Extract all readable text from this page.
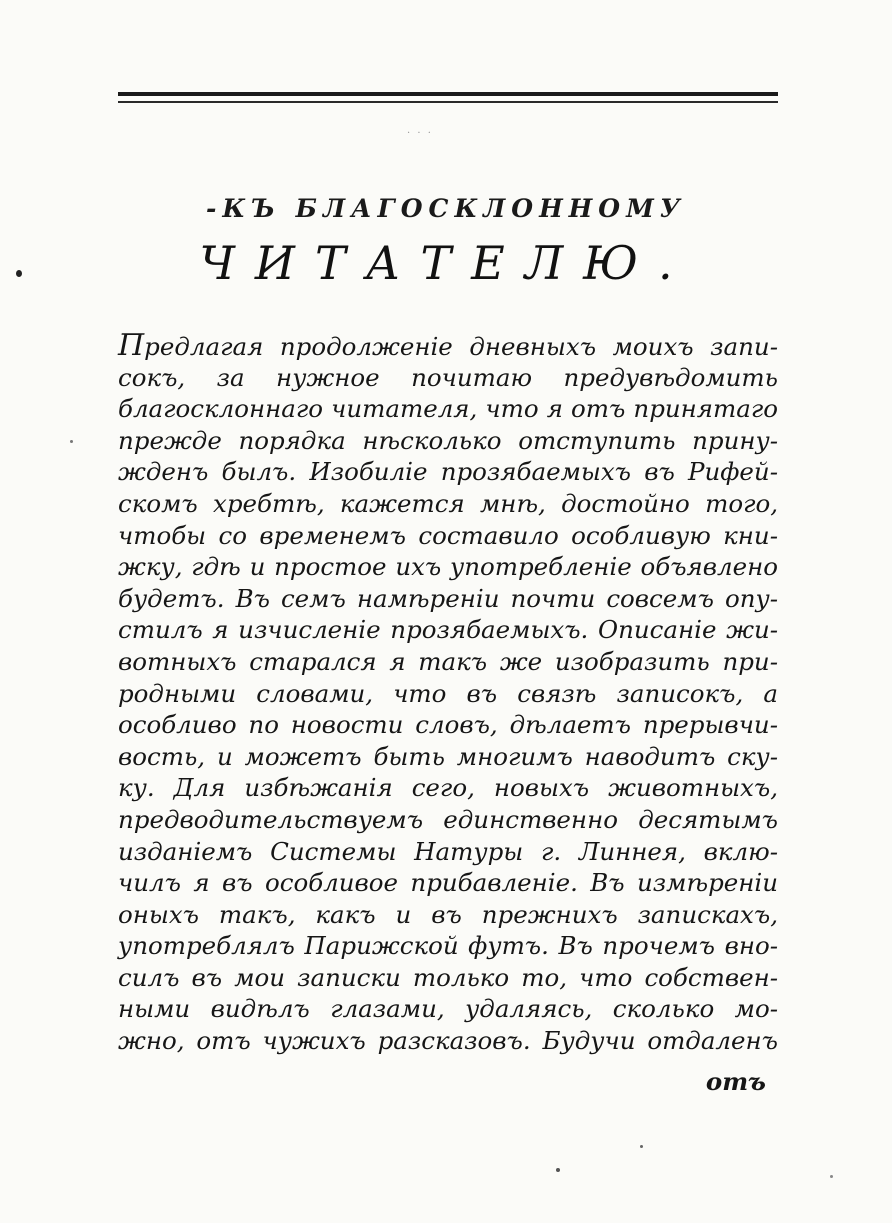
· · ·
-КЪ БЛАГОСКЛОННОМУ
ЧИТАТЕЛЮ.
Предлагая продолженіе дневныхъ моихъ запи-
сокъ, за нужное почитаю предувѣдомить
благосклоннаго читателя, что я отъ принятаго
прежде порядка нѣсколько отступить прину-
жденъ былъ. Изобиліе прозябаемыхъ въ Рифей-
скомъ хребтѣ, кажется мнѣ, достойно того,
чтобы со временемъ составило особливую кни-
жку, гдѣ и простое ихъ употребленіе объявлено
будетъ. Въ семъ намѣреніи почти совсемъ опу-
стилъ я изчисленіе прозябаемыхъ. Описаніе жи-
вотныхъ старался я такъ же изобразить при-
родными словами, что въ связѣ записокъ, а
особливо по новости словъ, дѣлаетъ прерывчи-
вость, и можетъ быть многимъ наводитъ ску-
ку. Для избѣжанія сего, новыхъ животныхъ,
предводительствуемъ единственно десятымъ
изданіемъ Системы Натуры г. Линнея, вклю-
чилъ я въ особливое прибавленіе. Въ измѣреніи
оныхъ такъ, какъ и въ прежнихъ запискахъ,
употреблялъ Парижской футъ. Въ прочемъ вно-
силъ въ мои записки только то, что собствен-
ными видѣлъ глазами, удаляясь, сколько мо-
жно, отъ чужихъ разсказовъ. Будучи отдаленъ
отъ
